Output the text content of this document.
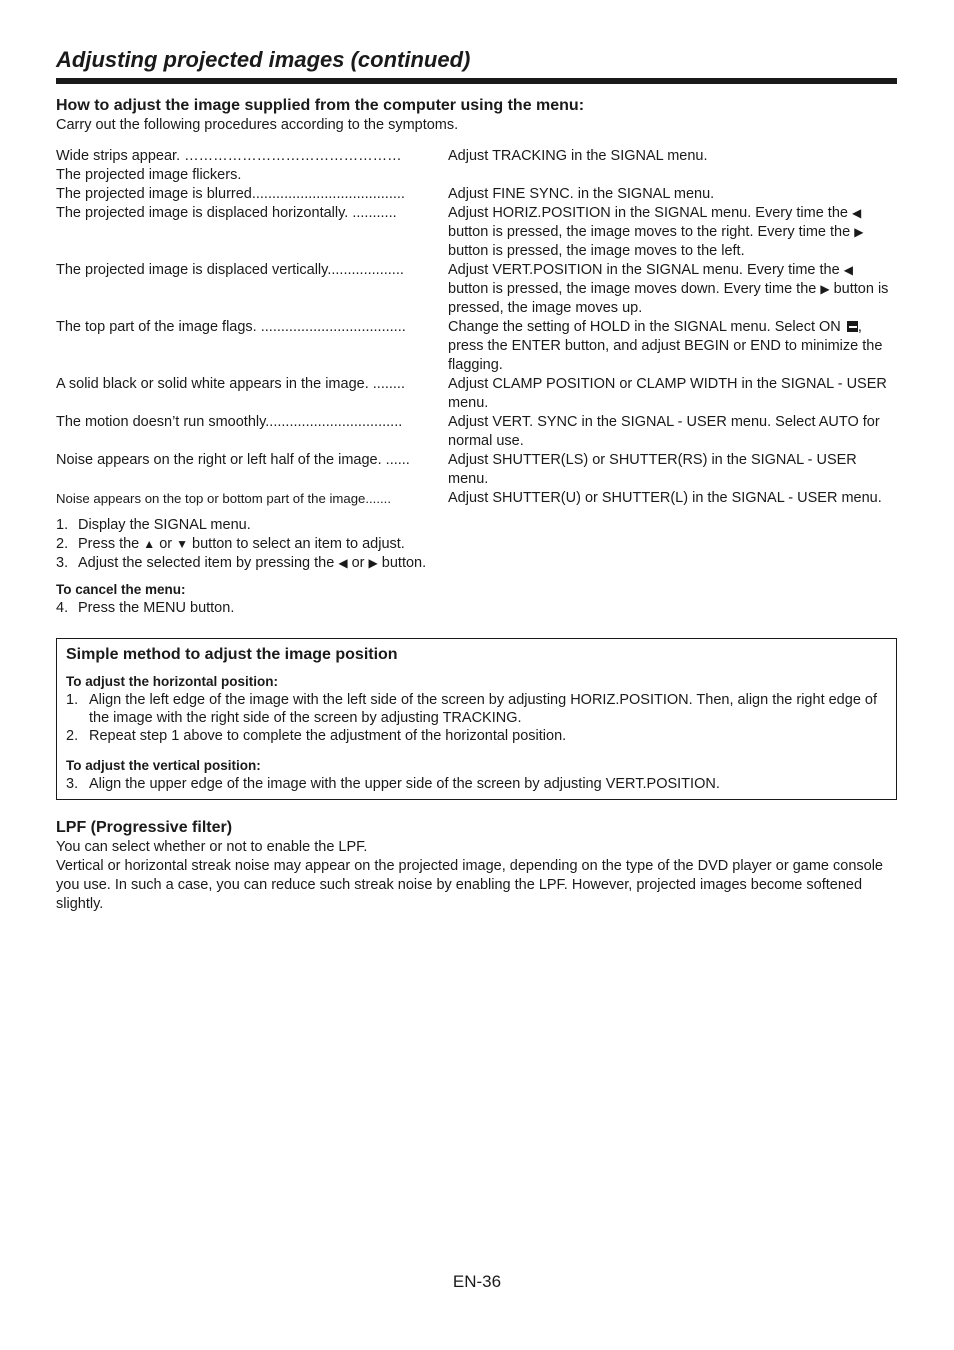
Adjusting projected images (continued)
How to adjust the image supplied from the computer using the menu:

Carry out the following procedures according to the symptoms.

Wide strips appear. ………………………………………	Adjust TRACKING in the SIGNAL menu.
The projected image flickers.
The projected image is blurred......................................	Adjust FINE SYNC. in the SIGNAL menu.
The projected image is displaced horizontally. ...........	Adjust HORIZ.POSITION in the SIGNAL menu. Every time the ◀ button is pressed, the image moves to the right. Every time the ▶ button is pressed, the image moves to the left.
The projected image is displaced vertically...................	Adjust VERT.POSITION in the SIGNAL menu. Every time the ◀ button is pressed, the image moves down. Every time the ▶ button is pressed, the image moves up.
The top part of the image flags. ....................................	Change the setting of HOLD in the SIGNAL menu. Select ON , press the ENTER button, and adjust BEGIN or END to minimize the flagging.
A solid black or solid white appears in the image. ........	Adjust CLAMP POSITION or CLAMP WIDTH in the SIGNAL - USER menu.
The motion doesn’t run smoothly..................................	Adjust VERT. SYNC in the SIGNAL - USER menu. Select AUTO for normal use.
Noise appears on the right or left half of the image. ......	Adjust SHUTTER(LS) or SHUTTER(RS) in the SIGNAL - USER menu.
Noise appears on the top or bottom part of the image.......	Adjust SHUTTER(U) or SHUTTER(L) in the SIGNAL - USER menu.
1. Display the SIGNAL menu.
2. Press the ▲ or ▼ button to select an item to adjust.
3. Adjust the selected item by pressing the ◀ or ▶ button.
To cancel the menu:
4. Press the MENU button.
Simple method to adjust the image position
To adjust the horizontal position:
1. Align the left edge of the image with the left side of the screen by adjusting HORIZ.POSITION. Then, align the right edge of the image with the right side of the screen by adjusting TRACKING.
2. Repeat step 1 above to complete the adjustment of the horizontal position.
To adjust the vertical position:
3. Align the upper edge of the image with the upper side of the screen by adjusting VERT.POSITION.
LPF (Progressive filter)

You can select whether or not to enable the LPF.

Vertical or horizontal streak noise may appear on the projected image, depending on the type of the DVD player or game console you use. In such a case, you can reduce such streak noise by enabling the LPF. However, projected images become softened slightly.

EN-36
